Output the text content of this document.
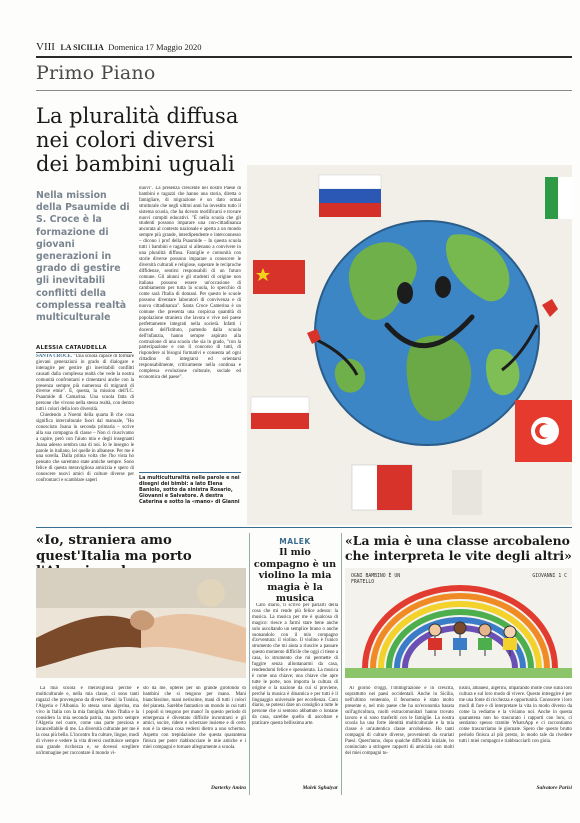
VIII LA SICILIA Domenica 17 Maggio 2020
Primo Piano
La pluralità diffusa
nei colori diversi
dei bambini uguali
Nella mission della Psaumide di S. Croce è la formazione di giovani generazioni in grado di gestire gli inevitabili conflitti della complessa realtà multiculturale
ALESSIA CATAUDELLA

SANTA CROCE. "Una scuola capace di formare giovani generazioni in grado di dialogare e interagire per gestire gli inevitabili conflitti causati dalla complessa realtà che vede la nostra comunità confrontarsi e cimentarsi anche con la presenza sempre più numerosa di migranti di diverse etnie". È, questa, la mission dell'I.C. Psaumide di Camarina. Una scuola fatta di persone che vivono nella stessa realtà, con dentro tutti i colori della loro diversità.

Chiedendo a Noemi della quarta B che cosa significa interculturale fuori dal manuale, "Ho conosciuto Joana in seconda primaria – scrive alla sua compagna di classe – Non ci riuscivamo a capire, però con l'aiuto mio e degli insegnanti Joana adesso sembra una di noi. Io le insegno le parole in italiano, lei quelle in albanese. Per me è una sorella. Dalla prima volta che l'ho vista ho pensato che saremmo state amiche sempre. Sono felice di questa meravigliosa amicizia e spero di conoscere nuovi amici di culture diverse per confrontarci e scambiare saperi

nuovi". La presenza crescente nel nostro Paese di bambini e ragazzi che hanno una storia, diretta o famigliare, di migrazione è un dato ormai strutturale che negli ultimi anni ha investito tutto il sistema scuola, che ha dovuto modificarsi e trovare nuovi compiti educativi. "È nella scuola che gli studenti possono imparare una con-cittadinanza ancorata al contesto nazionale e aperta a un mondo sempre più grande, interdipendente e interconnesso – dicono i prof della Psaumide – In questa scuola tutti i bambini e ragazzi si allenano a convivere in una pluralità diffusa. Famiglie e comunità con storie diverse possono imparare a conoscere le diversità culturali e religiose, superare le reciproche diffidenze, sentirsi responsabili di un futuro comune. Gli alunni e gli studenti di origine non italiana possono essere un'occasione di cambiamento per tutta la scuola, lo specchio di come sarà l'Italia di domani. Per questo le scuole possono diventare laboratori di convivenza e di nuova cittadinanza". Santa Croce Camerina è un comune che presenta una cospicua quantità di popolazione straniera che lavora e vive nel paese perfettamente integrati nella società. Infatti i docenti dell'Istituto, partendo dalla scuola dell'infanzia, hanno sempre aspirato alla costruzione di una scuola che sia in grado, "con la partecipazione e con il concorso di tutti, di rispondere ai bisogni formativi e consenta ad ogni cittadino di integrarsi ed orientarsi responsabilmente, criticamente nella continua e complessa evoluzione culturale, sociale ed economica del paese".

La multiculturalità nelle parole e nei disegni dei bimbi: a lato Elena Baniolo, sotto da sinistra Rosario, Giovanni e Salvatore. A destra Caterina e sotto la «mano» di Gianni
«Io, straniera amo quest'Italia ma porto
La mia scuola è meravigliosa perché è multiculturale e, nella mia classe, ci sono tanti ragazzi che provengono da diversi Paesi: la Tunisia, l'Algeria e l'Albania. Io stessa sono algerina, ma vivo in Italia con la mia famiglia. Amo l'Italia e la considero la mia seconda patria, ma porto sempre l'Algeria nel cuore, come una parte preziosa e incancellabile di me. La diversità culturale per me è la cosa più bella. L'incontro fra culture, lingue, modi di vivere e vedere la vita diversi costituisce sempre una grande ricchezza e, se dovessi scegliere un'immagine per raccontare il mondo vi-
sto da me, opterei per un grande girotondo di bambini che si tengono per mano. Mani bianchissime, mani nerissime, mani di tutti i colori del pianeta. Sarebbe fantastico un mondo in cui tutti i popoli si tengono per mano! In questo periodo di emergenza è diventato difficile incontrarsi e gli amici, uscire, ridere e scherzare insieme e di certo non è la stessa cosa vedersi dietro a uno schermo. Aspetto con trepidazione che questa quarantena finisca per poter riabbracciare le mie amiche e i miei compagni e tornare allegramente a scuola.
Darterky Amira
MALEK
Il mio compagno è un violino la mia magia è la musica
Caro diario, ti scrivo per parlarti della cosa che mi rende più felice adesso: la musica. La musica per me è qualcosa di magico: riesce a farmi stare bene anche solo ascoltando un semplice brano o anche suonandolo con il mio compagno d'avventura: il violino. Il violino è l'unico strumento che mi aiuta a riuscire a passare questo momento difficile che oggi ci tiene a casa, lo strumento che mi permette di fuggire senza allontanarmi da casa, rendendomi felice e spensierata. La musica è come una chiave; una chiave che apre tutte le porte, non importa la cultura di origine o la nazione da cui si proviene, perché la musica è dinamica e per tutti è il linguaggio universale per eccellenza. Caro diario, se potessi dare un consiglio a tutte le persone che si sentono abbattute o lontane da casa, sarebbe quello di ascoltare e praticare questa bellissima arte.
Malek Sghaiyar
«La mia è una classe arcobaleno che interpreta le vite degli altri»
OGNI BAMBINO È UN FRATELLO
GIOVANNI 1 C
Al giorno d'oggi, l'immigrazione è in crescita, soprattutto nei paesi occidentali. Anche in Sicilia, nell'ultimo ventennio, il fenomeno è stato molto presente e, nel mio paese che ha un'economia basata sull'agricoltura, molti extracomunitari hanno trovato lavoro e si sono trasferiti con le famiglie. La nostra scuola ha una forte identità multiculturale e la mia classe è un'autentica classe arcobaleno. Ho tanti compagni di culture diverse, provenienti da svariati Paesi. Quest'anno, dopo qualche difficoltà iniziale, ho cominciato a stringere rapporti di amicizia con molti dei miei compagni tu-
nisini, albanesi, algerini, imparando molte cose sulla loro cultura e sul loro modo di vivere. Questo intreggire è per me una fonte di ricchezza e opportunità. Conoscere i loro modi di fare e di interpretare la vita in modo diverso da come la vediamo e la viviamo noi. Anche in questa quarantena non ho trascurato i rapporti con loro, ci sentiamo spesso tramite WhatsApp e ci raccontiamo come trascorriamo le giornate. Spero che questo brutto periodo finisca al più presto, in modo tale da rivedere tutti i miei compagni e riabbracciarli con gioia.
Salvatore Parisi
